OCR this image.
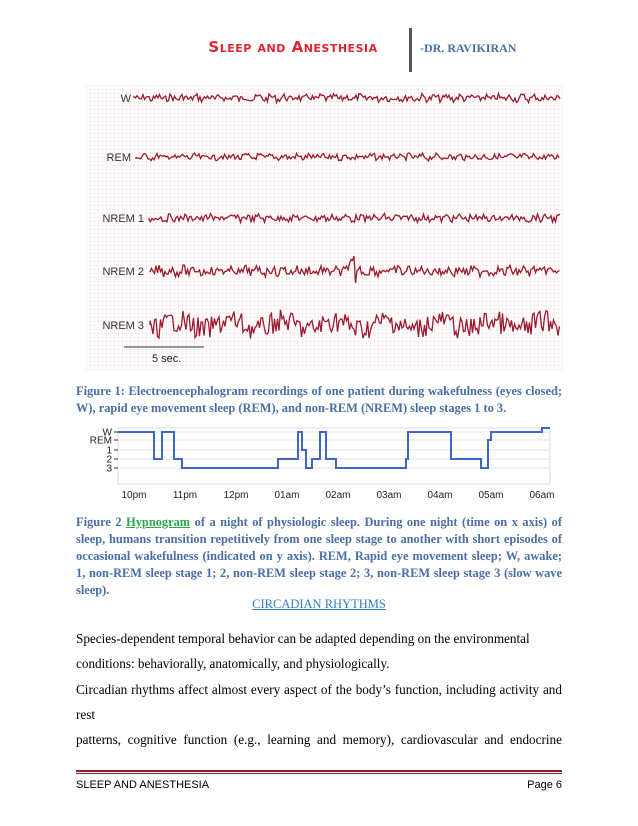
Sleep and Anesthesia	-DR. RAVIKIRAN
W
REM
NREM 1
NREM 2
NREM 3
5 sec.
Figure 1: Electroencephalogram recordings of one patient during wakefulness (eyes closed; W), rapid eye movement sleep (REM), and non-REM (NREM) sleep stages 1 to 3.
W
REM
1
2
3
10pm	11pm	12pm	01am	02am	03am	04am	05am	06am
Figure 2 Hypnogram of a night of physiologic sleep. During one night (time on x axis) of sleep, humans transition repetitively from one sleep stage to another with short episodes of occasional wakefulness (indicated on y axis). REM, Rapid eye movement sleep; W, awake; 1, non-REM sleep stage 1; 2, non-REM sleep stage 2; 3, non-REM sleep stage 3 (slow wave sleep).
CIRCADIAN RHYTHMS
Species-dependent temporal behavior can be adapted depending on the environmental
conditions: behaviorally, anatomically, and physiologically.
Circadian rhythms affect almost every aspect of the body’s function, including activity and rest
patterns, cognitive function (e.g., learning and memory), cardiovascular and endocrine
SLEEP AND ANESTHESIA	Page 6
